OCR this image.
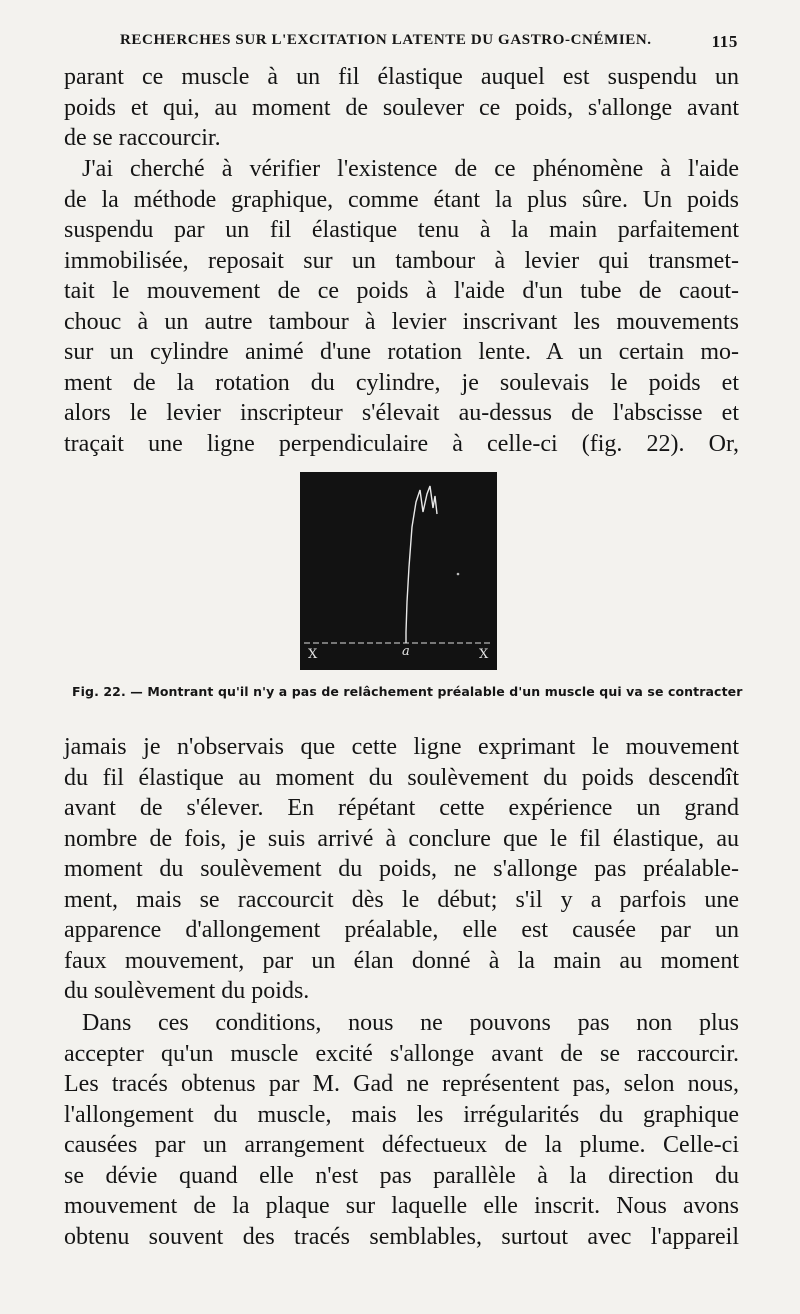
RECHERCHES SUR L'EXCITATION LATENTE DU GASTRO-CNÉMIEN.	115

parant ce muscle à un fil élastique auquel est suspendu un
poids et qui, au moment de soulever ce poids, s'allonge avant
de se raccourcir.

J'ai cherché à vérifier l'existence de ce phénomène à l'aide
de la méthode graphique, comme étant la plus sûre. Un poids
suspendu par un fil élastique tenu à la main parfaitement
immobilisée, reposait sur un tambour à levier qui transmet-
tait le mouvement de ce poids à l'aide d'un tube de caout-
chouc à un autre tambour à levier inscrivant les mouvements
sur un cylindre animé d'une rotation lente. A un certain mo-
ment de la rotation du cylindre, je soulevais le poids et
alors le levier inscripteur s'élevait au-dessus de l'abscisse et
traçait une ligne perpendiculaire à celle-ci (fig. 22). Or,

X	a	X
Fig. 22. — Montrant qu'il n'y a pas de relâchement préalable d'un muscle qui va se contracter

jamais je n'observais que cette ligne exprimant le mouvement
du fil élastique au moment du soulèvement du poids descendît
avant de s'élever. En répétant cette expérience un grand
nombre de fois, je suis arrivé à conclure que le fil élastique, au
moment du soulèvement du poids, ne s'allonge pas préalable-
ment, mais se raccourcit dès le début; s'il y a parfois une
apparence d'allongement préalable, elle est causée par un
faux mouvement, par un élan donné à la main au moment
du soulèvement du poids.

Dans ces conditions, nous ne pouvons pas non plus
accepter qu'un muscle excité s'allonge avant de se raccourcir.
Les tracés obtenus par M. Gad ne représentent pas, selon nous,
l'allongement du muscle, mais les irrégularités du graphique
causées par un arrangement défectueux de la plume. Celle-ci
se dévie quand elle n'est pas parallèle à la direction du
mouvement de la plaque sur laquelle elle inscrit. Nous avons
obtenu souvent des tracés semblables, surtout avec l'appareil
